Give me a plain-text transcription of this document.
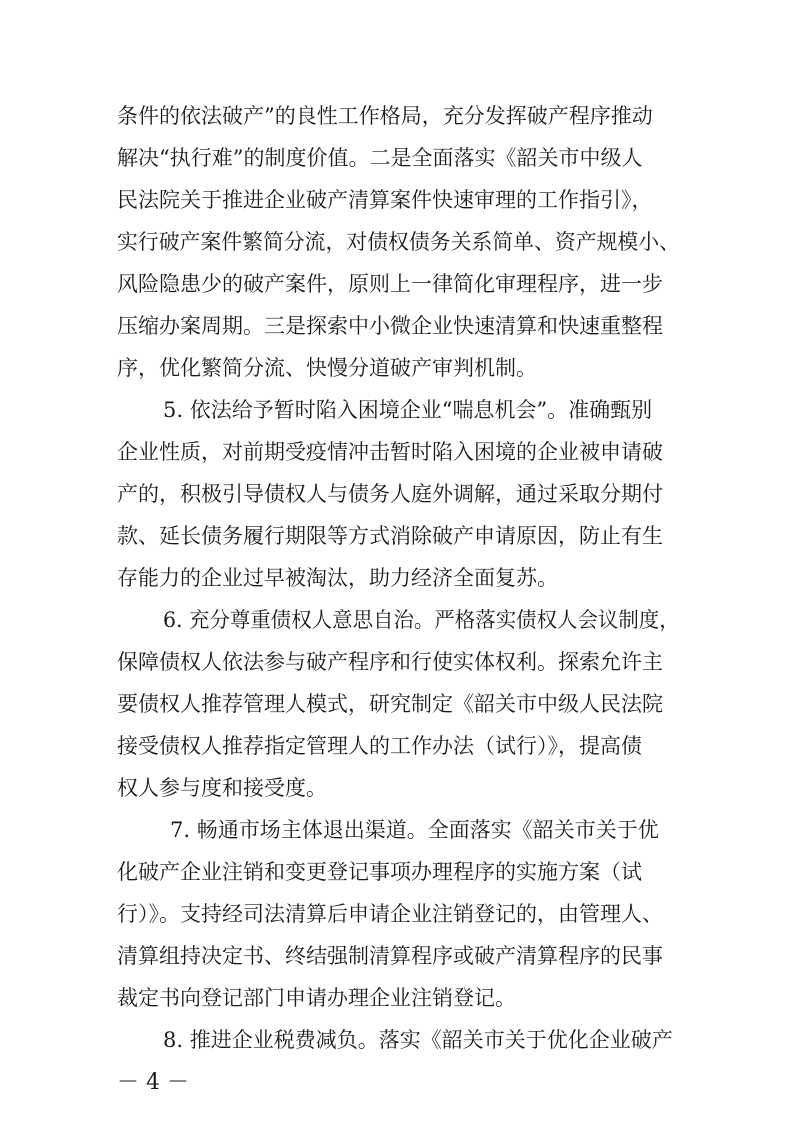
条件的依法破产”的良性工作格局，充分发挥破产程序推动
解决“执行难”的制度价值。二是全面落实《韶关市中级人
民法院关于推进企业破产清算案件快速审理的工作指引》，
实行破产案件繁简分流，对债权债务关系简单、资产规模小、
风险隐患少的破产案件，原则上一律简化审理程序，进一步
压缩办案周期。三是探索中小微企业快速清算和快速重整程
序，优化繁简分流、快慢分道破产审判机制。
5. 依法给予暂时陷入困境企业“喘息机会”。准确甄别
企业性质，对前期受疫情冲击暂时陷入困境的企业被申请破
产的，积极引导债权人与债务人庭外调解，通过采取分期付
款、延长债务履行期限等方式消除破产申请原因，防止有生
存能力的企业过早被淘汰，助力经济全面复苏。
6. 充分尊重债权人意思自治。严格落实债权人会议制度，
保障债权人依法参与破产程序和行使实体权利。探索允许主
要债权人推荐管理人模式，研究制定《韶关市中级人民法院
接受债权人推荐指定管理人的工作办法（试行）》，提高债
权人参与度和接受度。
7. 畅通市场主体退出渠道。全面落实《韶关市关于优
化破产企业注销和变更登记事项办理程序的实施方案（试
行）》。支持经司法清算后申请企业注销登记的，由管理人、
清算组持决定书、终结强制清算程序或破产清算程序的民事
裁定书向登记部门申请办理企业注销登记。
8. 推进企业税费减负。落实《韶关市关于优化企业破产
－ 4 －
